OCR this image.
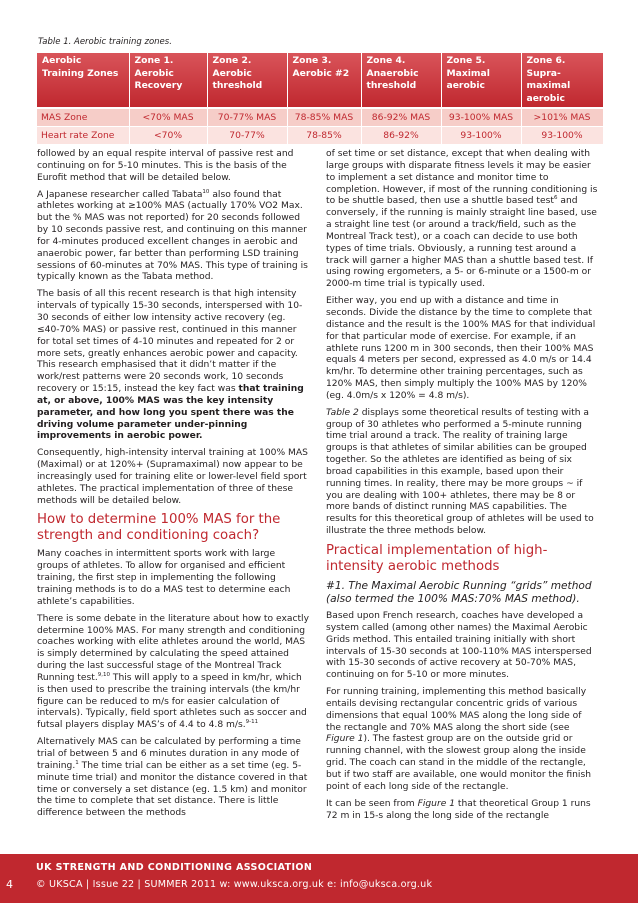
Table 1. Aerobic training zones.
Aerobic Training Zones	Zone 1. Aerobic Recovery	Zone 2. Aerobic threshold	Zone 3. Aerobic #2	Zone 4. Anaerobic threshold	Zone 5. Maximal aerobic	Zone 6. Supra-maximal aerobic
MAS Zone	<70% MAS	70-77% MAS	78-85% MAS	86-92% MAS	93-100% MAS	>101% MAS
Heart rate Zone	<70%	70-77%	78-85%	86-92%	93-100%	93-100%

followed by an equal respite interval of passive rest and continuing on for 5-10 minutes. This is the basis of the Eurofit method that will be detailed below.

A Japanese researcher called Tabata$^{10}$ also found that athletes working at ≥100% MAS (actually 170% VO2 Max. but the % MAS was not reported) for 20 seconds followed by 10 seconds passive rest, and continuing on this manner for 4-minutes produced excellent changes in aerobic and anaerobic power, far better than performing LSD training sessions of 60-minutes at 70% MAS. This type of training is typically known as the Tabata method.

The basis of all this recent research is that high intensity intervals of typically 15-30 seconds, interspersed with 10-30 seconds of either low intensity active recovery (eg. ≤40-70% MAS) or passive rest, continued in this manner for total set times of 4-10 minutes and repeated for 2 or more sets, greatly enhances aerobic power and capacity. This research emphasised that it didn’t matter if the work/rest patterns were 20 seconds work, 10 seconds recovery or 15:15, instead the key fact was that training at, or above, 100% MAS was the key intensity parameter, and how long you spent there was the driving volume parameter under-pinning improvements in aerobic power.

Consequently, high-intensity interval training at 100% MAS (Maximal) or at 120%+ (Supramaximal) now appear to be increasingly used for training elite or lower-level field sport athletes. The practical implementation of three of these methods will be detailed below.

How to determine 100% MAS for the strength and conditioning coach?

Many coaches in intermittent sports work with large groups of athletes. To allow for organised and efficient training, the first step in implementing the following training methods is to do a MAS test to determine each athlete’s capabilities.

There is some debate in the literature about how to exactly determine 100% MAS. For many strength and conditioning coaches working with elite athletes around the world, MAS is simply determined by calculating the speed attained during the last successful stage of the Montreal Track Running test.$^{9,10}$ This will apply to a speed in km/hr, which is then used to prescribe the training intervals (the km/hr figure can be reduced to m/s for easier calculation of intervals). Typically, field sport athletes such as soccer and futsal players display MAS’s of 4.4 to 4.8 m/s.$^{9-11}$

Alternatively MAS can be calculated by performing a time trial of between 5 and 6 minutes duration in any mode of training.$^1$ The time trial can be either as a set time (eg. 5-minute time trial) and monitor the distance covered in that time or conversely a set distance (eg. 1.5 km) and monitor the time to complete that set distance. There is little difference between the methods

of set time or set distance, except that when dealing with large groups with disparate fitness levels it may be easier to implement a set distance and monitor time to completion. However, if most of the running conditioning is to be shuttle based, then use a shuttle based test$^6$ and conversely, if the running is mainly straight line based, use a straight line test (or around a track/field, such as the Montreal Track test), or a coach can decide to use both types of time trials. Obviously, a running test around a track will garner a higher MAS than a shuttle based test. If using rowing ergometers, a 5- or 6-minute or a 1500-m or 2000-m time trial is typically used.

Either way, you end up with a distance and time in seconds. Divide the distance by the time to complete that distance and the result is the 100% MAS for that individual for that particular mode of exercise. For example, if an athlete runs 1200 m in 300 seconds, then their 100% MAS equals 4 meters per second, expressed as 4.0 m/s or 14.4 km/hr. To determine other training percentages, such as 120% MAS, then simply multiply the 100% MAS by 120% (eg. 4.0m/s x 120% = 4.8 m/s).

Table 2 displays some theoretical results of testing with a group of 30 athletes who performed a 5-minute running time trial around a track. The reality of training large groups is that athletes of similar abilities can be grouped together. So the athletes are identified as being of six broad capabilities in this example, based upon their running times. In reality, there may be more groups ~ if you are dealing with 100+ athletes, there may be 8 or more bands of distinct running MAS capabilities. The results for this theoretical group of athletes will be used to illustrate the three methods below.

Practical implementation of high-intensity aerobic methods
#1. The Maximal Aerobic Running “grids” method (also termed the 100% MAS:70% MAS method).

Based upon French research, coaches have developed a system called (among other names) the Maximal Aerobic Grids method. This entailed training initially with short intervals of 15-30 seconds at 100-110% MAS interspersed with 15-30 seconds of active recovery at 50-70% MAS, continuing on for 5-10 or more minutes.

For running training, implementing this method basically entails devising rectangular concentric grids of various dimensions that equal 100% MAS along the long side of the rectangle and 70% MAS along the short side (see Figure 1). The fastest group are on the outside grid or running channel, with the slowest group along the inside grid. The coach can stand in the middle of the rectangle, but if two staff are available, one would monitor the finish point of each long side of the rectangle.

It can be seen from Figure 1 that theoretical Group 1 runs 72 m in 15-s along the long side of the rectangle

UK STRENGTH AND CONDITIONING ASSOCIATION
4 © UKSCA | Issue 22 | SUMMER 2011 w: www.uksca.org.uk e: info@uksca.org.uk
